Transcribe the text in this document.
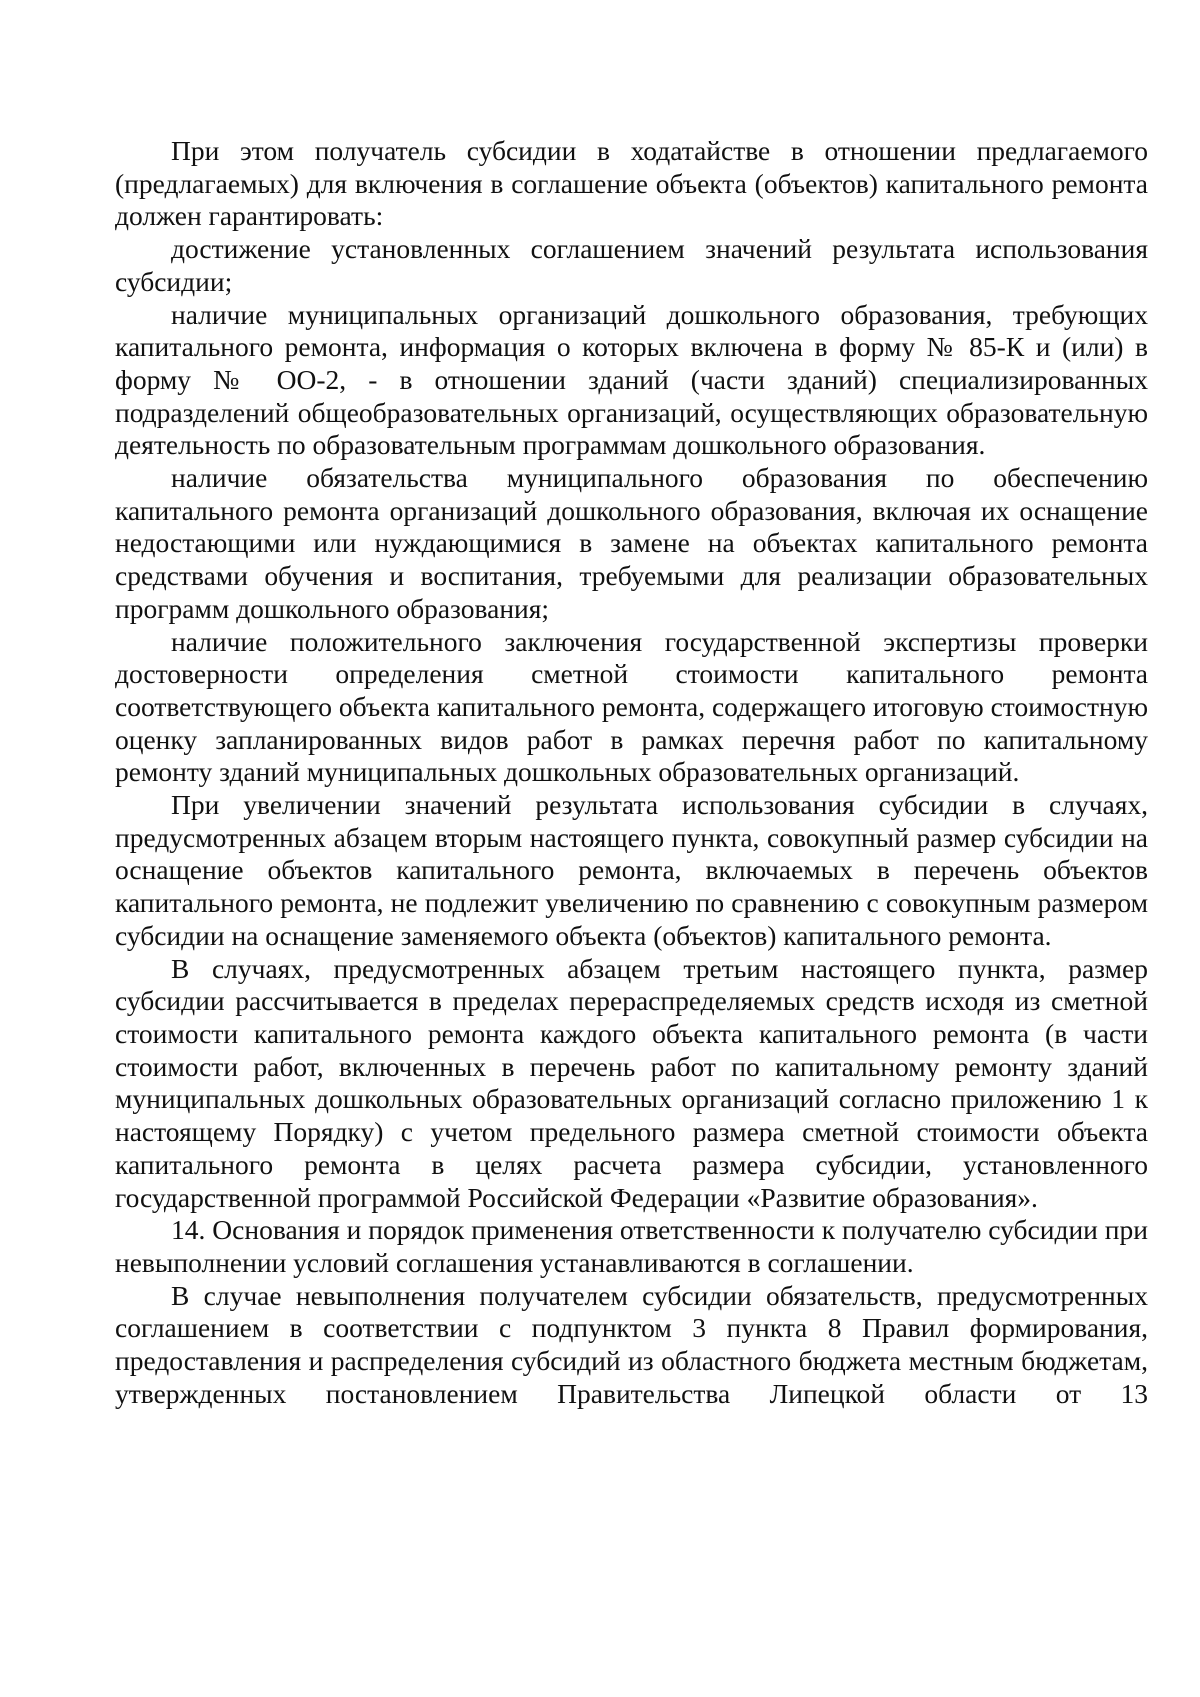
При этом получатель субсидии в ходатайстве в отношении предлагаемого (предлагаемых) для включения в соглашение объекта (объектов) капитального ремонта должен гарантировать:

достижение установленных соглашением значений результата использования субсидии;

наличие муниципальных организаций дошкольного образования, требующих капитального ремонта, информация о которых включена в форму № 85-К и (или) в форму № ОО-2, - в отношении зданий (части зданий) специализированных подразделений общеобразовательных организаций, осуществляющих образовательную деятельность по образовательным программам дошкольного образования.

наличие обязательства муниципального образования по обеспечению капитального ремонта организаций дошкольного образования, включая их оснащение недостающими или нуждающимися в замене на объектах капитального ремонта средствами обучения и воспитания, требуемыми для реализации образовательных программ дошкольного образования;

наличие положительного заключения государственной экспертизы проверки достоверности определения сметной стоимости капитального ремонта соответствующего объекта капитального ремонта, содержащего итоговую стоимостную оценку запланированных видов работ в рамках перечня работ по капитальному ремонту зданий муниципальных дошкольных образовательных организаций.

При увеличении значений результата использования субсидии в случаях, предусмотренных абзацем вторым настоящего пункта, совокупный размер субсидии на оснащение объектов капитального ремонта, включаемых в перечень объектов капитального ремонта, не подлежит увеличению по сравнению с совокупным размером субсидии на оснащение заменяемого объекта (объектов) капитального ремонта.

В случаях, предусмотренных абзацем третьим настоящего пункта, размер субсидии рассчитывается в пределах перераспределяемых средств исходя из сметной стоимости капитального ремонта каждого объекта капитального ремонта (в части стоимости работ, включенных в перечень работ по капитальному ремонту зданий муниципальных дошкольных образовательных организаций согласно приложению 1 к настоящему Порядку) с учетом предельного размера сметной стоимости объекта капитального ремонта в целях расчета размера субсидии, установленного государственной программой Российской Федерации «Развитие образования».

14. Основания и порядок применения ответственности к получателю субсидии при невыполнении условий соглашения устанавливаются в соглашении.

В случае невыполнения получателем субсидии обязательств, предусмотренных соглашением в соответствии с подпунктом 3 пункта 8 Правил формирования, предоставления и распределения субсидий из областного бюджета местным бюджетам, утвержденных постановлением Правительства Липецкой области от 13
